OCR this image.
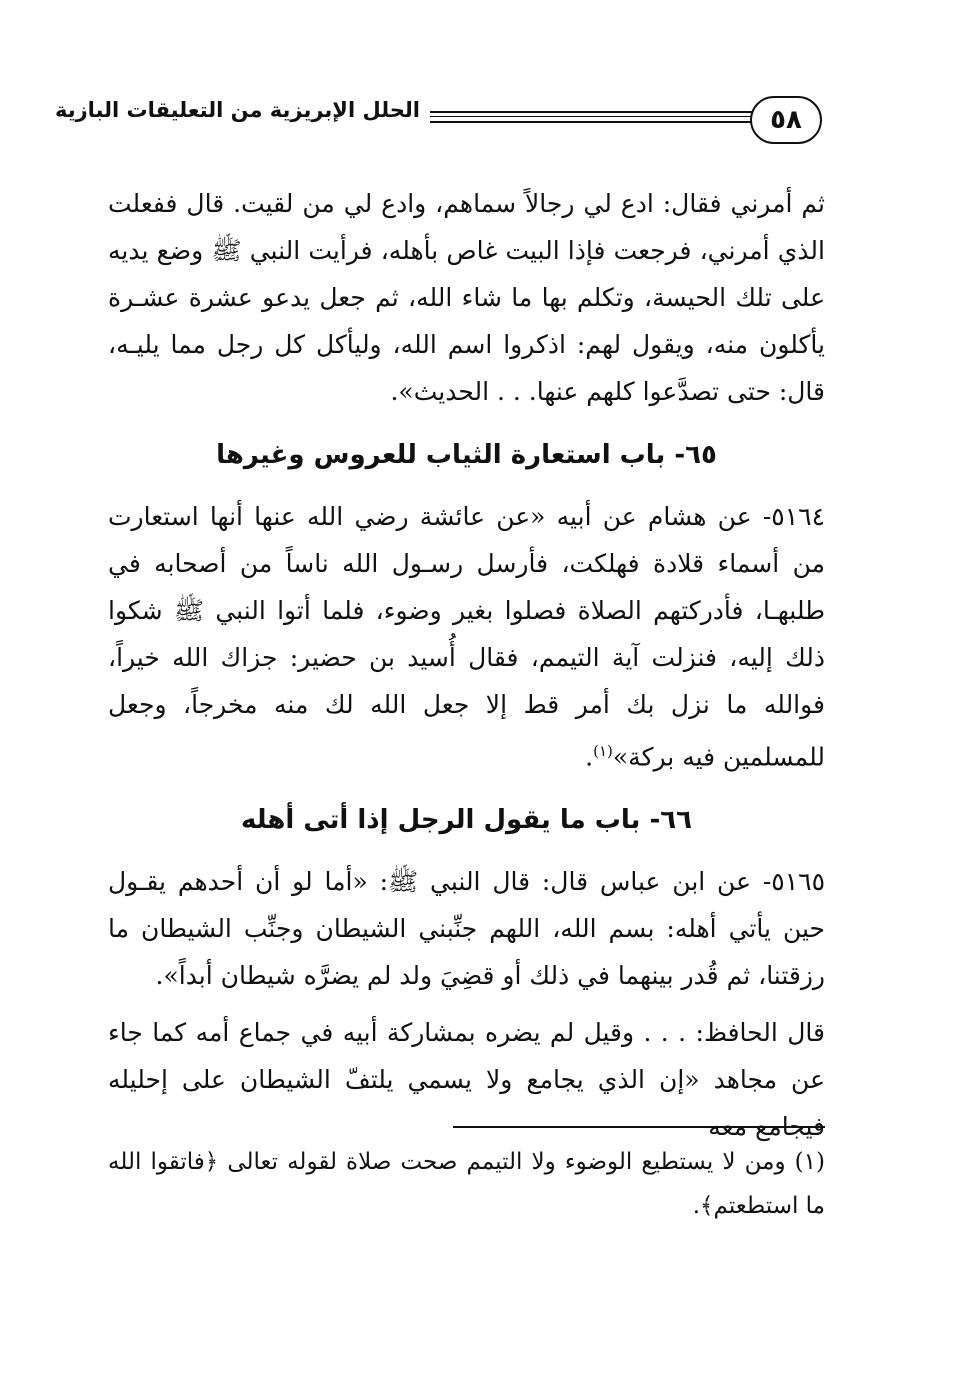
٥٨
الحلل الإبريزية من التعليقات البازية

ثم أمرني فقال: ادع لي رجالاً سماهم، وادع لي من لقيت. قال ففعلت الذي أمرني، فرجعت فإذا البيت غاص بأهله، فرأيت النبي ﷺ وضع يديه على تلك الحيسة، وتكلم بها ما شاء الله، ثم جعل يدعو عشرة عشـرة يأكلون منه، ويقول لهم: اذكروا اسم الله، وليأكل كل رجل مما يليـه، قال: حتى تصدَّعوا كلهم عنها. . . الحديث».

٦٥- باب استعارة الثياب للعروس وغيرها

٥١٦٤- عن هشام عن أبيه «عن عائشة رضي الله عنها أنها استعارت من أسماء قلادة فهلكت، فأرسل رسـول الله ناساً من أصحابه في طلبهـا، فأدركتهم الصلاة فصلوا بغير وضوء، فلما أتوا النبي ﷺ شكوا ذلك إليه، فنزلت آية التيمم، فقال أُسيد بن حضير: جزاك الله خيراً، فوالله ما نزل بك أمر قط إلا جعل الله لك منه مخرجاً، وجعل للمسلمين فيه بركة»$^{(١)}$.

٦٦- باب ما يقول الرجل إذا أتى أهله

٥١٦٥- عن ابن عباس قال: قال النبي ﷺ: «أما لو أن أحدهم يقـول حين يأتي أهله: بسم الله، اللهم جنِّبني الشيطان وجنِّب الشيطان ما رزقتنا، ثم قُدر بينهما في ذلك أو قضِيَ ولد لم يضرَّه شيطان أبداً».

قال الحافظ: . . . وقيل لم يضره بمشاركة أبيه في جماع أمه كما جاء عن مجاهد «إن الذي يجامع ولا يسمي يلتفّ الشيطان على إحليله فيجامع معه

(١) ومن لا يستطيع الوضوء ولا التيمم صحت صلاة لقوله تعالى ﴿فاتقوا الله ما استطعتم﴾.
